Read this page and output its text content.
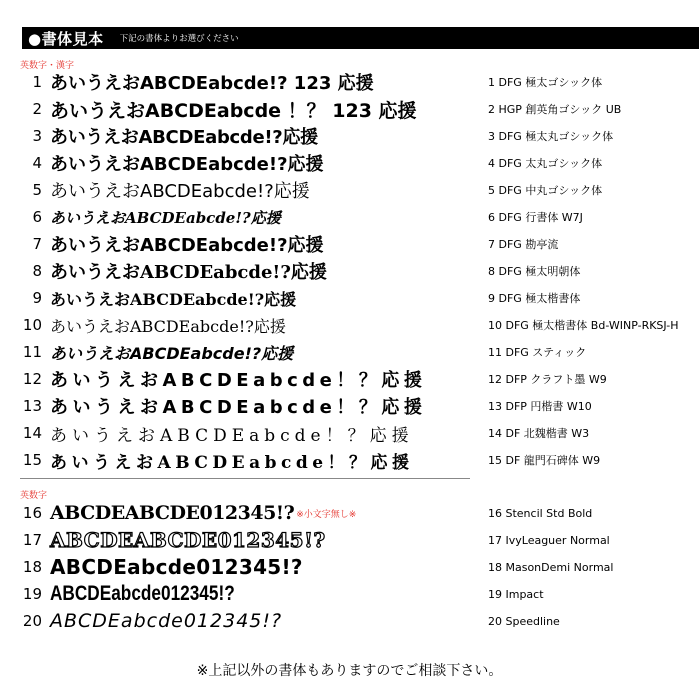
●書体見本 下記の書体よりお選びください
英数字・漢字
1 あいうえおABCDEabcde!? 123 応援	1 DFG 極太ゴシック体
2 あいうえおABCDEabcde ！？ 123 応援	2 HGP 創英角ゴシック UB
3 あいうえおABCDEabcde!?応援	3 DFG 極太丸ゴシック体
4 あいうえおABCDEabcde!?応援	4 DFG 太丸ゴシック体
5 あいうえおABCDEabcde!?応援	5 DFG 中丸ゴシック体
6 あいうえおABCDEabcde!?応援	6 DFG 行書体 W7J
7 あいうえおABCDEabcde!?応援	7 DFG 勘亭流
8 あいうえおABCDEabcde!?応援	8 DFG 極太明朝体
9 あいうえおABCDEabcde!?応援	9 DFG 極太楷書体
10 あいうえおABCDEabcde!?応援	10 DFG 極太楷書体 Bd-WINP-RKSJ-H
11 あいうえおABCDEabcde!?応援	11 DFG スティック
12 あいうえおABCDEabcde！？応援	12 DFP クラフト墨 W9
13 あいうえおABCDEabcde！？応援	13 DFP 円楷書 W10
14 あいうえおABCDEabcde！？応援	14 DF 北魏楷書 W3
15 あいうえおABCDEabcde！？応援	15 DF 龍門石碑体 W9
英数字
16 ABCDEABCDE012345!? ※小文字無し※	16 Stencil Std Bold
17 ABCDEABCDE012345!?	17 IvyLeaguer Normal
18 ABCDEabcde012345!?	18 MasonDemi Normal
19 ABCDEabcde012345!?	19 Impact
20 ABCDEabcde012345!?	20 Speedline
※上記以外の書体もありますのでご相談下さい。
